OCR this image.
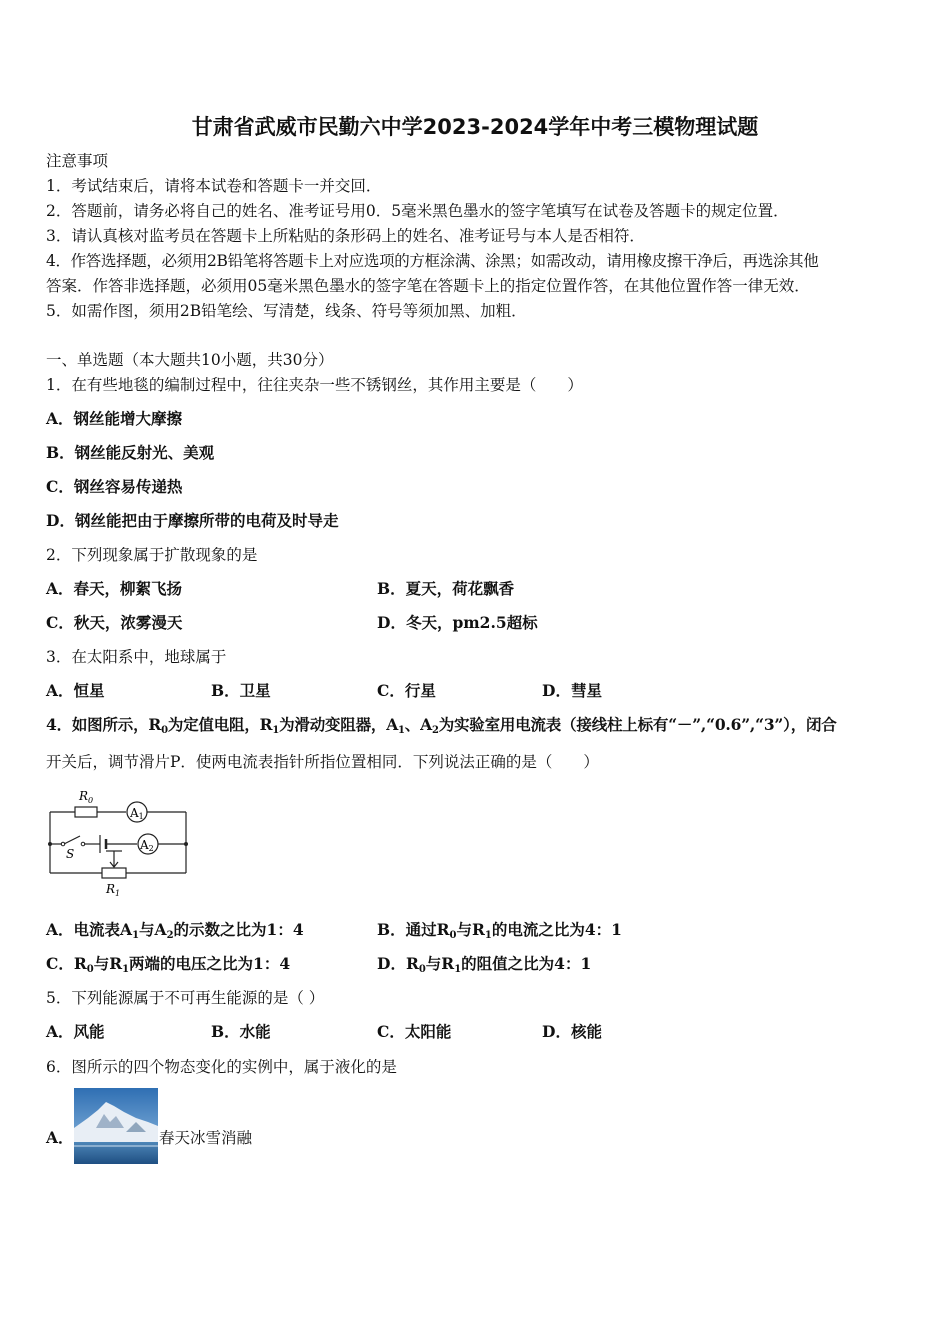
甘肃省武威市民勤六中学2023-2024学年中考三模物理试题
注意事项
1．考试结束后，请将本试卷和答题卡一并交回．
2．答题前，请务必将自己的姓名、准考证号用0．5毫米黑色墨水的签字笔填写在试卷及答题卡的规定位置．
3．请认真核对监考员在答题卡上所粘贴的条形码上的姓名、准考证号与本人是否相符．
4．作答选择题，必须用2B铅笔将答题卡上对应选项的方框涂满、涂黑；如需改动，请用橡皮擦干净后，再选涂其他
答案．作答非选择题，必须用05毫米黑色墨水的签字笔在答题卡上的指定位置作答，在其他位置作答一律无效．
5．如需作图，须用2B铅笔绘、写清楚，线条、符号等须加黑、加粗．
一、单选题（本大题共10小题，共30分）
1．在有些地毯的编制过程中，往往夹杂一些不锈钢丝，其作用主要是（　　）
A．钢丝能增大摩擦
B．钢丝能反射光、美观
C．钢丝容易传递热
D．钢丝能把由于摩擦所带的电荷及时导走
2．下列现象属于扩散现象的是
A．春天，柳絮飞扬	B．夏天，荷花飘香
C．秋天，浓雾漫天	D．冬天，pm2.5超标
3．在太阳系中，地球属于
A．恒星	B．卫星	C．行星	D．彗星
4．如图所示，$R_0$为定值电阻，$R_1$为滑动变阻器，$A_1$、$A_2$为实验室用电流表（接线柱上标有“－”,“0.6”,“3”），闭合
开关后，调节滑片P．使两电流表指针所指位置相同．下列说法正确的是（　　）
$R_0$
A1
A2
S
$R_1$
A．电流表$A_1$与$A_2$的示数之比为1：4	B．通过$R_0$与$R_1$的电流之比为4：1
C．$R_0$与$R_1$两端的电压之比为1：4	D．$R_0$与$R_1$的阻值之比为4：1
5．下列能源属于不可再生能源的是（ ）
A．风能	B．水能	C．太阳能	D．核能
6．图所示的四个物态变化的实例中，属于液化的是
A．	春天冰雪消融
